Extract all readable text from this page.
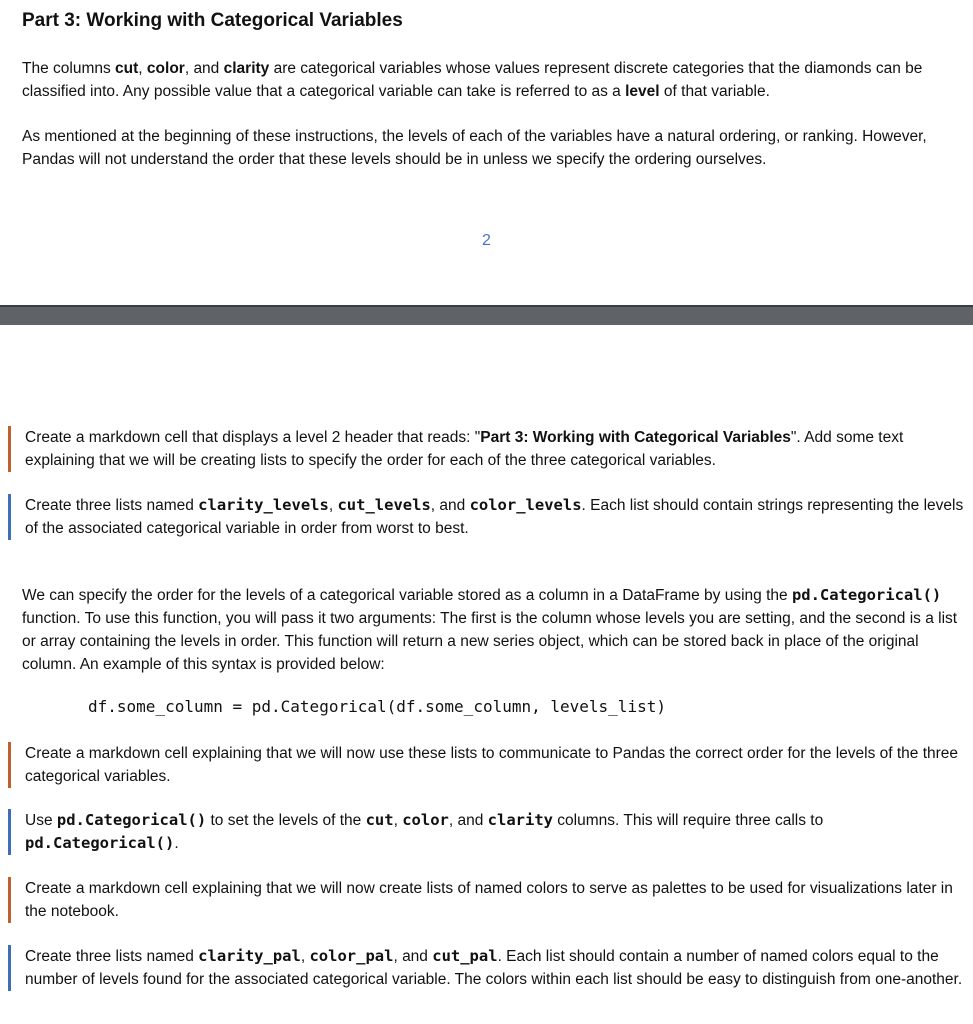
Part 3: Working with Categorical Variables

The columns cut, color, and clarity are categorical variables whose values represent discrete categories that the diamonds can be classified into. Any possible value that a categorical variable can take is referred to as a level of that variable.

As mentioned at the beginning of these instructions, the levels of each of the variables have a natural ordering, or ranking. However, Pandas will not understand the order that these levels should be in unless we specify the ordering ourselves.

2
Create a markdown cell that displays a level 2 header that reads: "Part 3: Working with Categorical Variables". Add some text explaining that we will be creating lists to specify the order for each of the three categorical variables.
Create three lists named clarity_levels, cut_levels, and color_levels. Each list should contain strings representing the levels of the associated categorical variable in order from worst to best.
We can specify the order for the levels of a categorical variable stored as a column in a DataFrame by using the pd.Categorical() function. To use this function, you will pass it two arguments: The first is the column whose levels you are setting, and the second is a list or array containing the levels in order. This function will return a new series object, which can be stored back in place of the original column. An example of this syntax is provided below:
df.some_column = pd.Categorical(df.some_column, levels_list)
Create a markdown cell explaining that we will now use these lists to communicate to Pandas the correct order for the levels of the three categorical variables.
Use pd.Categorical() to set the levels of the cut, color, and clarity columns. This will require three calls to
pd.Categorical().
Create a markdown cell explaining that we will now create lists of named colors to serve as palettes to be used for visualizations later in the notebook.
Create three lists named clarity_pal, color_pal, and cut_pal. Each list should contain a number of named colors equal to the number of levels found for the associated categorical variable. The colors within each list should be easy to distinguish from one-another.
